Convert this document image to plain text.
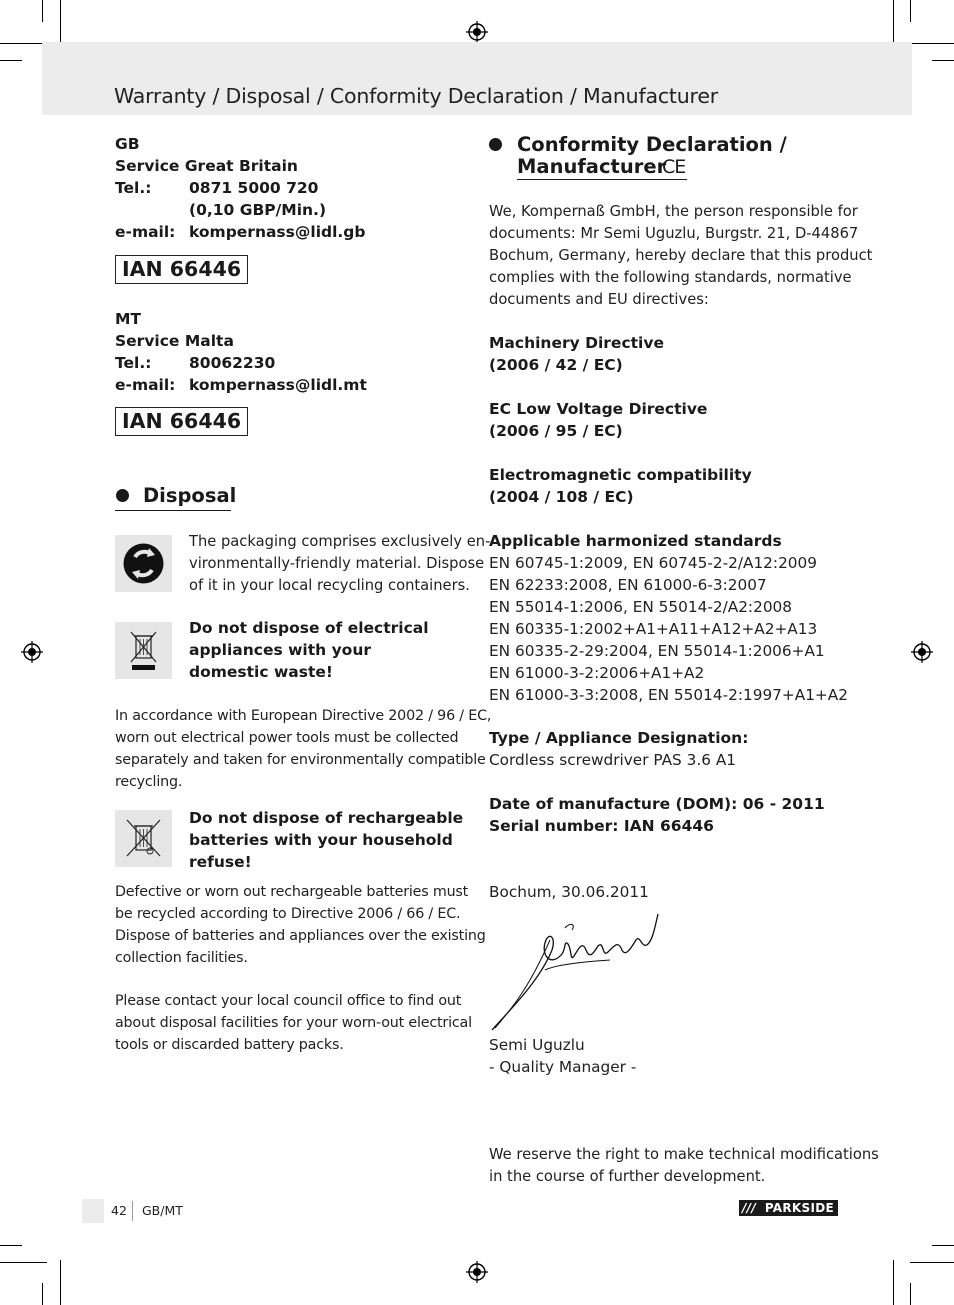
Warranty / Disposal / Conformity Declaration / Manufacturer
GB
Service Great Britain
Tel.: 0871 5000 720
(0,10 GBP/Min.)
e-mail: kompernass@lidl.gb
IAN 66446
MT
Service Malta
Tel.: 80062230
e-mail: kompernass@lidl.mt
IAN 66446
Disposal
The packaging comprises exclusively en-
vironmentally-friendly material. Dispose
of it in your local recycling containers.
Do not dispose of electrical
appliances with your
domestic waste!
In accordance with European Directive 2002 / 96 / EC,
worn out electrical power tools must be collected
separately and taken for environmentally compatible
recycling.
Do not dispose of rechargeable
batteries with your household
refuse!
Defective or worn out rechargeable batteries must
be recycled according to Directive 2006 / 66 / EC.
Dispose of batteries and appliances over the existing
collection facilities.
Please contact your local council office to find out
about disposal facilities for your worn-out electrical
tools or discarded battery packs.
Conformity Declaration /
Manufacturer
CE
We, Kompernaß GmbH, the person responsible for
documents: Mr Semi Uguzlu, Burgstr. 21, D-44867
Bochum, Germany, hereby declare that this product
complies with the following standards, normative
documents and EU directives:
Machinery Directive
(2006 / 42 / EC)
EC Low Voltage Directive
(2006 / 95 / EC)
Electromagnetic compatibility
(2004 / 108 / EC)
Applicable harmonized standards
EN 60745-1:2009, EN 60745-2-2/A12:2009
EN 62233:2008, EN 61000-6-3:2007
EN 55014-1:2006, EN 55014-2/A2:2008
EN 60335-1:2002+A1+A11+A12+A2+A13
EN 60335-2-29:2004, EN 55014-1:2006+A1
EN 61000-3-2:2006+A1+A2
EN 61000-3-3:2008, EN 55014-2:1997+A1+A2
Type / Appliance Designation:
Cordless screwdriver PAS 3.6 A1
Date of manufacture (DOM): 06 - 2011
Serial number: IAN 66446
Bochum, 30.06.2011
Semi Uguzlu
- Quality Manager -
We reserve the right to make technical modifications
in the course of further development.
42 GB/MT	/// PARKSIDE
